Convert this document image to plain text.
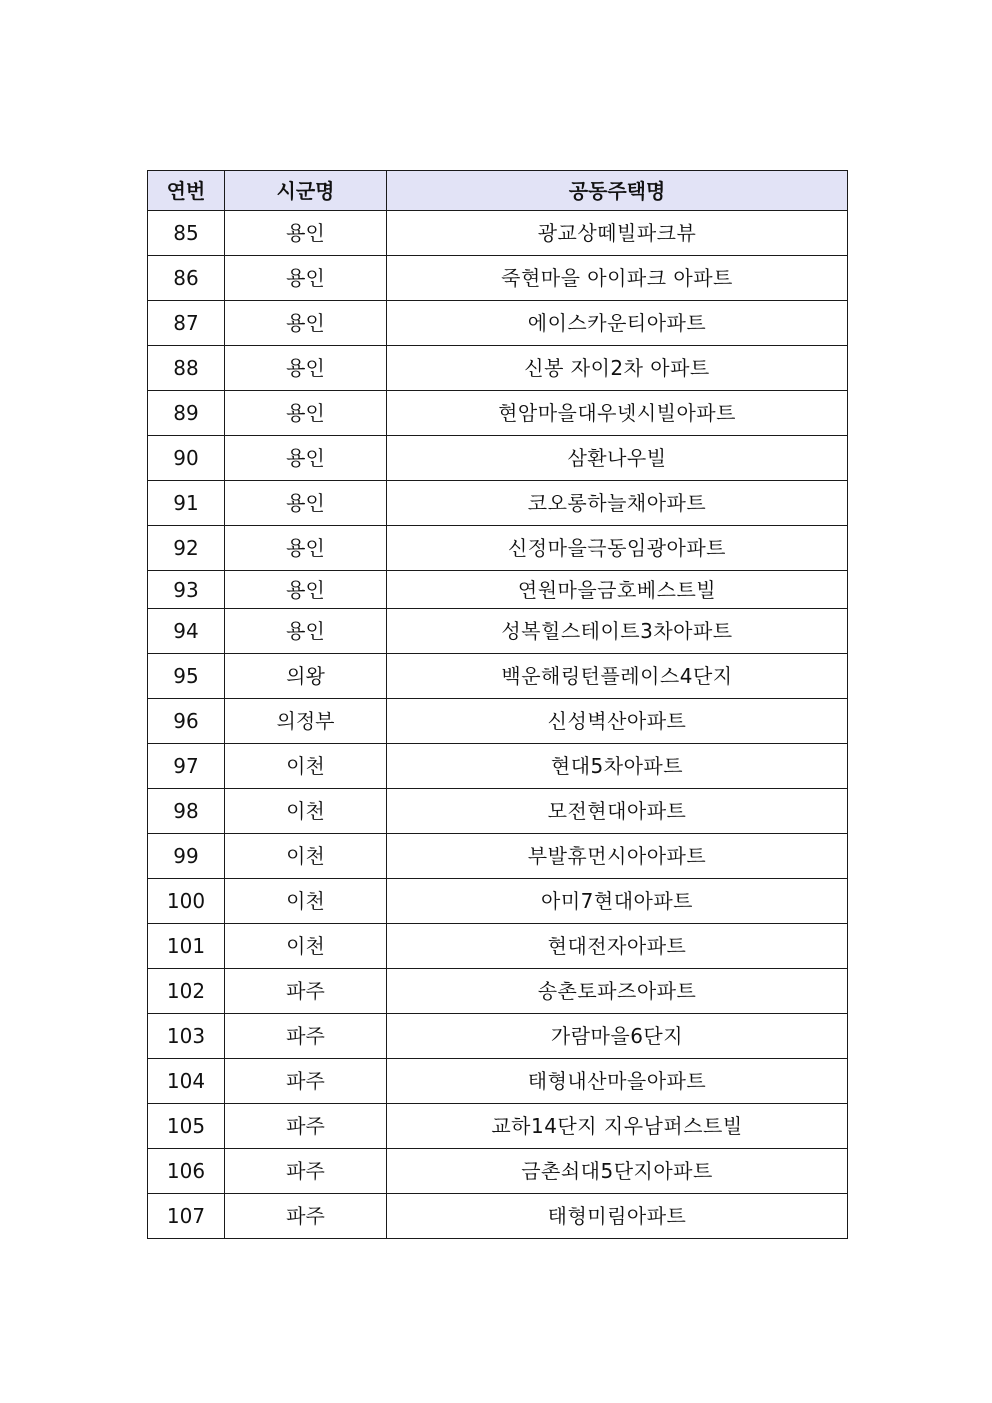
연번	시군명	공동주택명
85	용인	광교상떼빌파크뷰
86	용인	죽현마을 아이파크 아파트
87	용인	에이스카운티아파트
88	용인	신봉 자이2차 아파트
89	용인	현암마을대우넷시빌아파트
90	용인	삼환나우빌
91	용인	코오롱하늘채아파트
92	용인	신정마을극동임광아파트
93	용인	연원마을금호베스트빌
94	용인	성복힐스테이트3차아파트
95	의왕	백운해링턴플레이스4단지
96	의정부	신성벽산아파트
97	이천	현대5차아파트
98	이천	모전현대아파트
99	이천	부발휴먼시아아파트
100	이천	아미7현대아파트
101	이천	현대전자아파트
102	파주	송촌토파즈아파트
103	파주	가람마을6단지
104	파주	태형내산마을아파트
105	파주	교하14단지 지우남퍼스트빌
106	파주	금촌쇠대5단지아파트
107	파주	태형미림아파트
